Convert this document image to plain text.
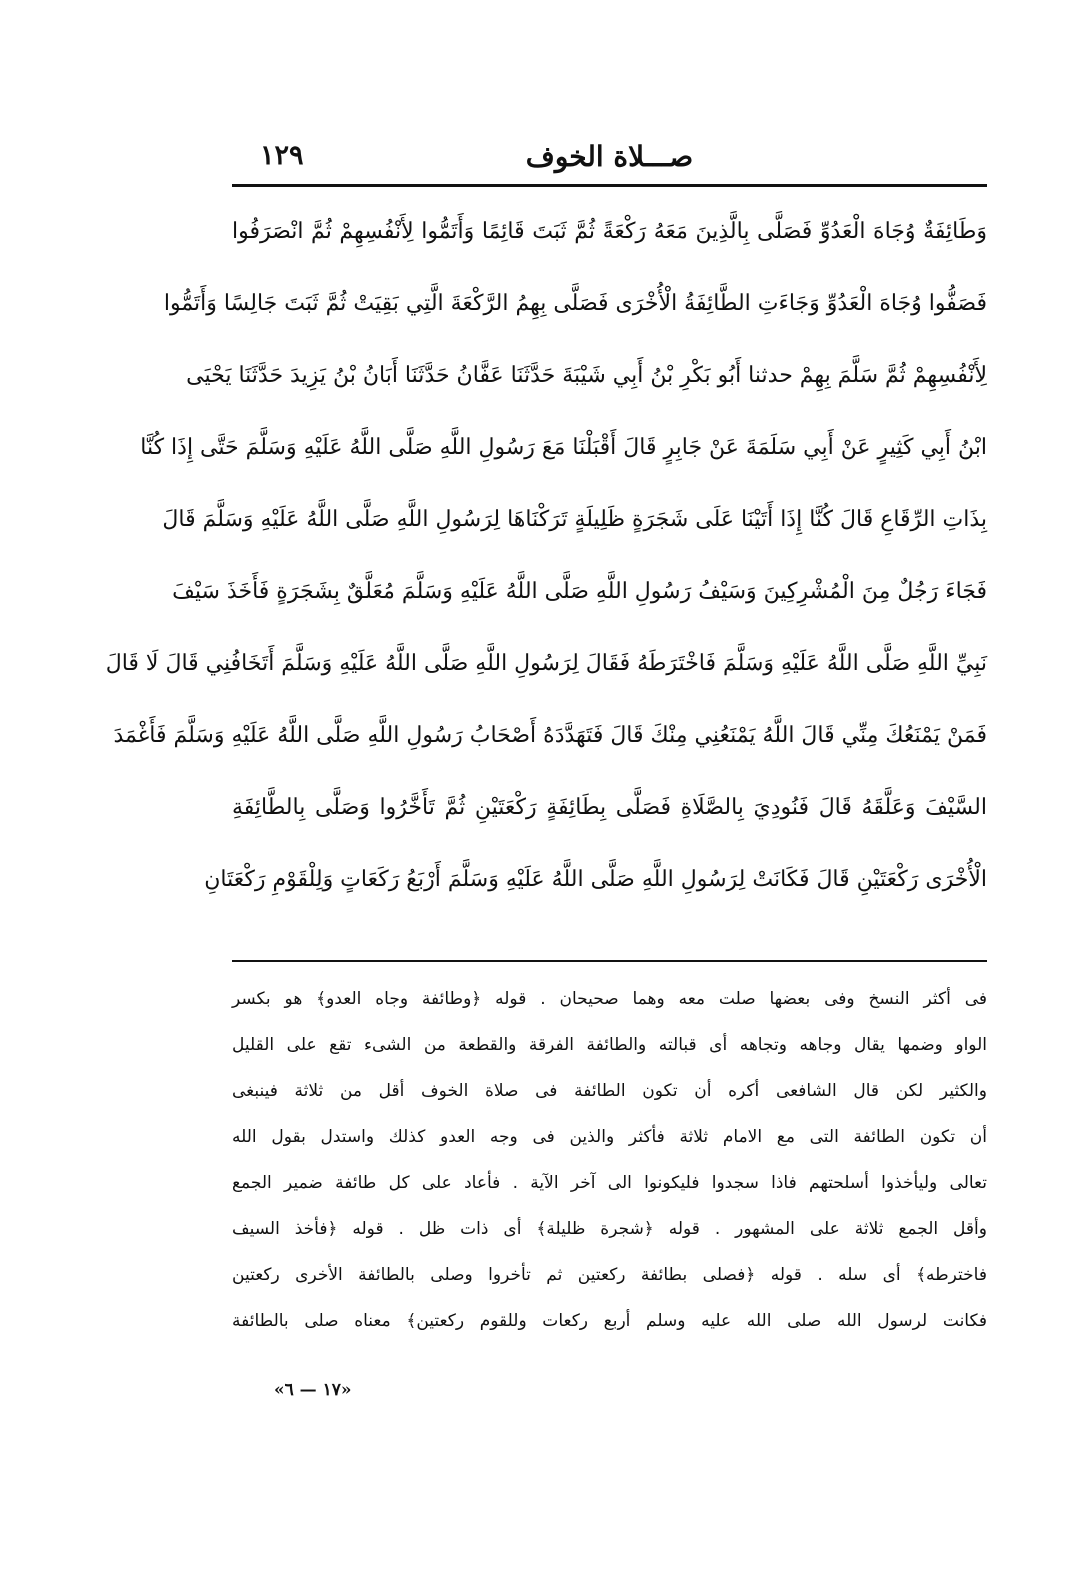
صـــلاة الخوف
١٢٩
وَطَائِفَةٌ وُجَاهَ الْعَدُوِّ فَصَلَّى بِالَّذِينَ مَعَهُ رَكْعَةً ثُمَّ ثَبَتَ قَائِمًا وَأَتَمُّوا لِأَنْفُسِهِمْ ثُمَّ انْصَرَفُوا
فَصَفُّوا وُجَاهَ الْعَدُوِّ وَجَاءَتِ الطَّائِفَةُ الْأُخْرَى فَصَلَّى بِهِمُ الرَّكْعَةَ الَّتِي بَقِيَتْ ثُمَّ ثَبَتَ جَالِسًا وَأَتَمُّوا
لِأَنْفُسِهِمْ ثُمَّ سَلَّمَ بِهِمْ حدثنا أَبُو بَكْرِ بْنُ أَبِي شَيْبَةَ حَدَّثَنَا عَفَّانُ حَدَّثَنَا أَبَانُ بْنُ يَزِيدَ حَدَّثَنَا يَحْيَى
ابْنُ أَبِي كَثِيرٍ عَنْ أَبِي سَلَمَةَ عَنْ جَابِرٍ قَالَ أَقْبَلْنَا مَعَ رَسُولِ اللَّهِ صَلَّى اللَّهُ عَلَيْهِ وَسَلَّمَ حَتَّى إِذَا كُنَّا
بِذَاتِ الرِّقَاعِ قَالَ كُنَّا إِذَا أَتَيْنَا عَلَى شَجَرَةٍ ظَلِيلَةٍ تَرَكْنَاهَا لِرَسُولِ اللَّهِ صَلَّى اللَّهُ عَلَيْهِ وَسَلَّمَ قَالَ
فَجَاءَ رَجُلٌ مِنَ الْمُشْرِكِينَ وَسَيْفُ رَسُولِ اللَّهِ صَلَّى اللَّهُ عَلَيْهِ وَسَلَّمَ مُعَلَّقٌ بِشَجَرَةٍ فَأَخَذَ سَيْفَ
نَبِيِّ اللَّهِ صَلَّى اللَّهُ عَلَيْهِ وَسَلَّمَ فَاخْتَرَطَهُ فَقَالَ لِرَسُولِ اللَّهِ صَلَّى اللَّهُ عَلَيْهِ وَسَلَّمَ أَتَخَافُنِي قَالَ لَا قَالَ
فَمَنْ يَمْنَعُكَ مِنِّي قَالَ اللَّهُ يَمْنَعُنِي مِنْكَ قَالَ فَتَهَدَّدَهُ أَصْحَابُ رَسُولِ اللَّهِ صَلَّى اللَّهُ عَلَيْهِ وَسَلَّمَ فَأَغْمَدَ
السَّيْفَ وَعَلَّقَهُ قَالَ فَنُودِيَ بِالصَّلَاةِ فَصَلَّى بِطَائِفَةٍ رَكْعَتَيْنِ ثُمَّ تَأَخَّرُوا وَصَلَّى بِالطَّائِفَةِ
الْأُخْرَى رَكْعَتَيْنِ قَالَ فَكَانَتْ لِرَسُولِ اللَّهِ صَلَّى اللَّهُ عَلَيْهِ وَسَلَّمَ أَرْبَعُ رَكَعَاتٍ وَلِلْقَوْمِ رَكْعَتَانِ
فى أكثر النسخ وفى بعضها صلت معه وهما صحيحان . قوله ﴿وطائفة وجاه العدو﴾ هو بكسر
الواو وضمها يقال وجاهه وتجاهه أى قبالته والطائفة الفرقة والقطعة من الشىء تقع على القليل
والكثير لكن قال الشافعى أكره أن تكون الطائفة فى صلاة الخوف أقل من ثلاثة فينبغى
أن تكون الطائفة التى مع الامام ثلاثة فأكثر والذين فى وجه العدو كذلك واستدل بقول الله
تعالى وليأخذوا أسلحتهم فاذا سجدوا فليكونوا الى آخر الآية . فأعاد على كل طائفة ضمير الجمع
وأقل الجمع ثلاثة على المشهور . قوله ﴿شجرة ظليلة﴾ أى ذات ظل . قوله ﴿فأخذ السيف
فاخترطه﴾ أى سله . قوله ﴿فصلى بطائفة ركعتين ثم تأخروا وصلى بالطائفة الأخرى ركعتين
فكانت لرسول الله صلى الله عليه وسلم أربع ركعات وللقوم ركعتين﴾ معناه صلى بالطائفة
«١٧ — ٦»
